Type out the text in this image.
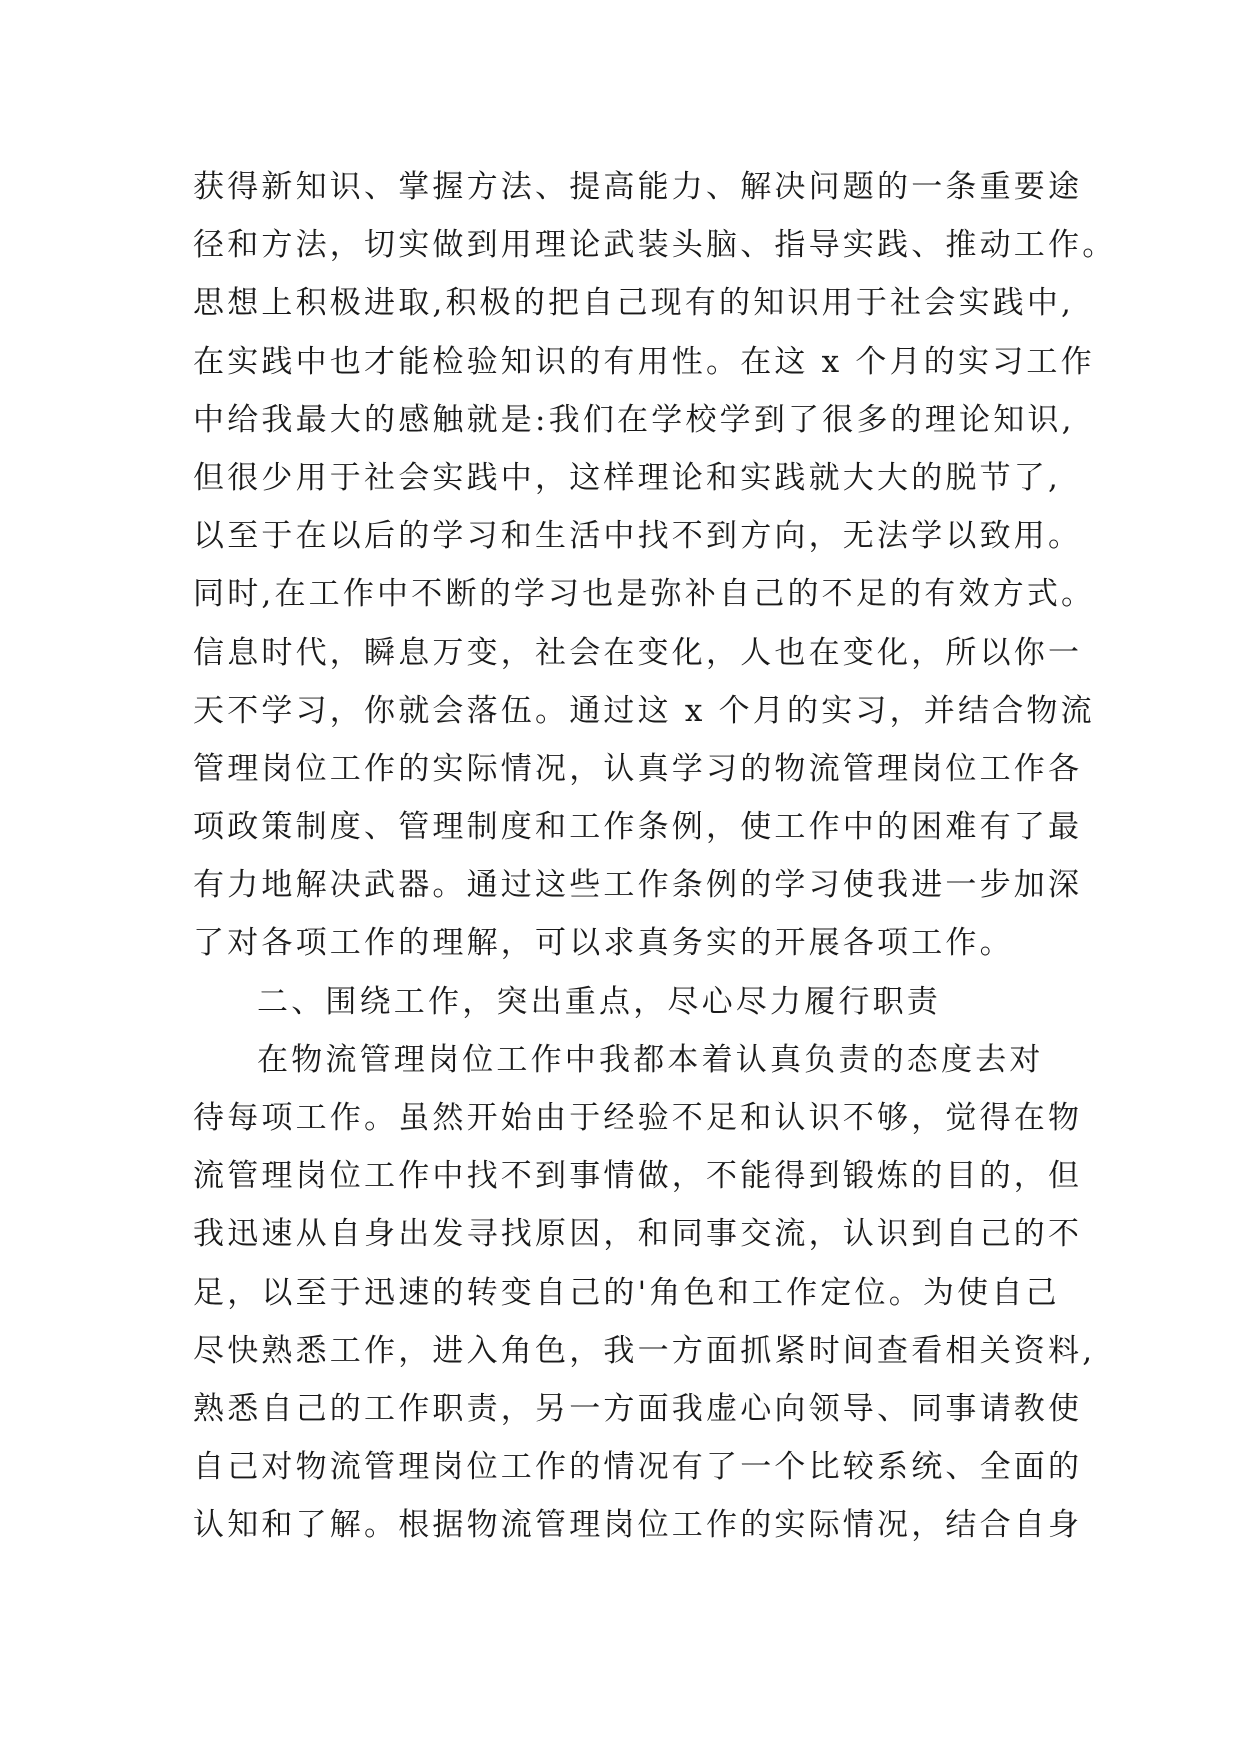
获得新知识、掌握方法、提高能力、解决问题的一条重要途
径和方法，切实做到用理论武装头脑、指导实践、推动工作。
思想上积极进取,积极的把自己现有的知识用于社会实践中,
在实践中也才能检验知识的有用性。在这 x 个月的实习工作
中给我最大的感触就是:我们在学校学到了很多的理论知识,
但很少用于社会实践中，这样理论和实践就大大的脱节了,
以至于在以后的学习和生活中找不到方向，无法学以致用。
同时,在工作中不断的学习也是弥补自己的不足的有效方式。
信息时代，瞬息万变，社会在变化，人也在变化，所以你一
天不学习，你就会落伍。通过这 x 个月的实习，并结合物流
管理岗位工作的实际情况，认真学习的物流管理岗位工作各
项政策制度、管理制度和工作条例，使工作中的困难有了最
有力地解决武器。通过这些工作条例的学习使我进一步加深
了对各项工作的理解，可以求真务实的开展各项工作。
二、围绕工作，突出重点，尽心尽力履行职责
在物流管理岗位工作中我都本着认真负责的态度去对
待每项工作。虽然开始由于经验不足和认识不够，觉得在物
流管理岗位工作中找不到事情做，不能得到锻炼的目的，但
我迅速从自身出发寻找原因，和同事交流，认识到自己的不
足，以至于迅速的转变自己的'角色和工作定位。为使自己
尽快熟悉工作，进入角色，我一方面抓紧时间查看相关资料,
熟悉自己的工作职责，另一方面我虚心向领导、同事请教使
自己对物流管理岗位工作的情况有了一个比较系统、全面的
认知和了解。根据物流管理岗位工作的实际情况，结合自身
